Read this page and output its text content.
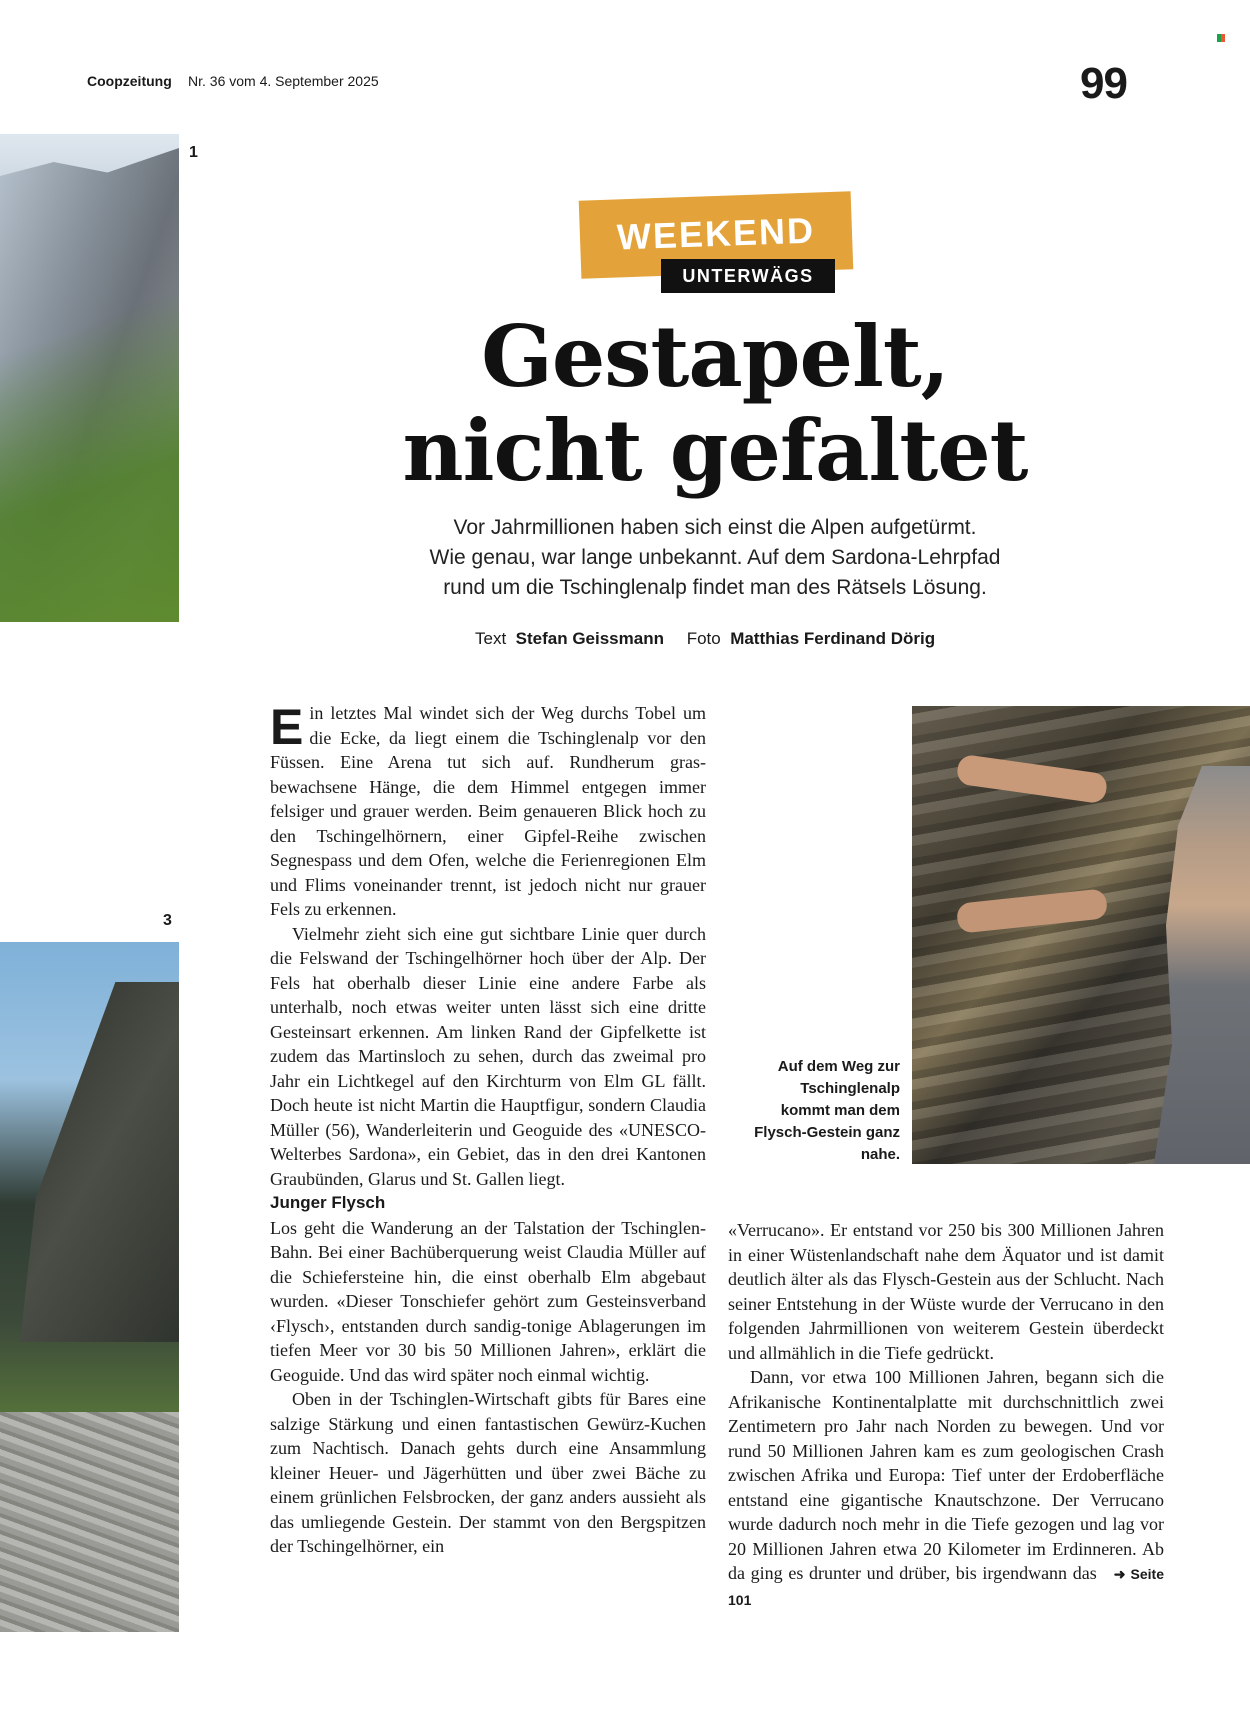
Coopzeitung Nr. 36 vom 4. September 2025	99
1
3
Auf dem Weg zur Tschinglenalp kommt man dem Flysch-Gestein ganz nahe.
WEEKEND
UNTERWÄGS
Gestapelt,
nicht gefaltet
Vor Jahrmillionen haben sich einst die Alpen aufgetürmt.
Wie genau, war lange unbekannt. Auf dem Sardona-Lehrpfad
rund um die Tschinglenalp findet man des Rätsels Lösung.
Text Stefan Geissmann Foto Matthias Ferdinand Dörig

Ein letztes Mal windet sich der Weg durchs Tobel um die Ecke, da liegt einem die Tschinglenalp vor den Füssen. Eine Arena tut sich auf. Rundherum grasbewachsene Hänge, die dem Himmel entgegen immer felsiger und grauer werden. Beim genaueren Blick hoch zu den Tschingelhörnern, einer Gipfel-Reihe zwischen Segnespass und dem Ofen, welche die Ferienregionen Elm und Flims voneinander trennt, ist jedoch nicht nur grauer Fels zu erkennen.

Vielmehr zieht sich eine gut sichtbare Linie quer durch die Felswand der Tschingelhörner hoch über der Alp. Der Fels hat oberhalb dieser Linie eine andere Farbe als unterhalb, noch etwas weiter unten lässt sich eine dritte Gesteinsart erkennen. Am linken Rand der Gipfelkette ist zudem das Martinsloch zu sehen, durch das zweimal pro Jahr ein Lichtkegel auf den Kirchturm von Elm GL fällt. Doch heute ist nicht Martin die Hauptfigur, sondern Claudia Müller (56), Wanderleiterin und Geoguide des «UNESCO-Welterbes Sardona», ein Gebiet, das in den drei Kantonen Graubünden, Glarus und St. Gallen liegt.

Junger Flysch

Los geht die Wanderung an der Talstation der Tschinglen-Bahn. Bei einer Bachüberquerung weist Claudia Müller auf die Schiefersteine hin, die einst oberhalb Elm abgebaut wurden. «Dieser Tonschiefer gehört zum Gesteinsverband ‹Flysch›, entstanden durch sandig-tonige Ablagerungen im tiefen Meer vor 30 bis 50 Millionen Jahren», erklärt die Geoguide. Und das wird später noch einmal wichtig.

Oben in der Tschinglen-Wirtschaft gibts für Bares eine salzige Stärkung und einen fantastischen Gewürz-Kuchen zum Nachtisch. Danach gehts durch eine Ansammlung kleiner Heuer- und Jägerhütten und über zwei Bäche zu einem grünlichen Felsbrocken, der ganz anders aussieht als das umliegende Gestein. Der stammt von den Bergspitzen der Tschingelhörner, ein

«Verrucano». Er entstand vor 250 bis 300 Millionen Jahren in einer Wüstenlandschaft nahe dem Äquator und ist damit deutlich älter als das Flysch-Gestein aus der Schlucht. Nach seiner Entstehung in der Wüste wurde der Verrucano in den folgenden Jahrmillionen von weiterem Gestein überdeckt und allmählich in die Tiefe gedrückt.

Dann, vor etwa 100 Millionen Jahren, begann sich die Afrikanische Kontinentalplatte mit durchschnittlich zwei Zentimetern pro Jahr nach Norden zu bewegen. Und vor rund 50 Millionen Jahren kam es zum geologischen Crash zwischen Afrika und Europa: Tief unter der Erdoberfläche entstand eine gigantische Knautschzone. Der Verrucano wurde dadurch noch mehr in die Tiefe gezogen und lag vor 20 Millionen Jahren etwa 20 Kilometer im Erdinneren. Ab da ging es drunter und drüber, bis irgendwann das ➜ Seite 101
